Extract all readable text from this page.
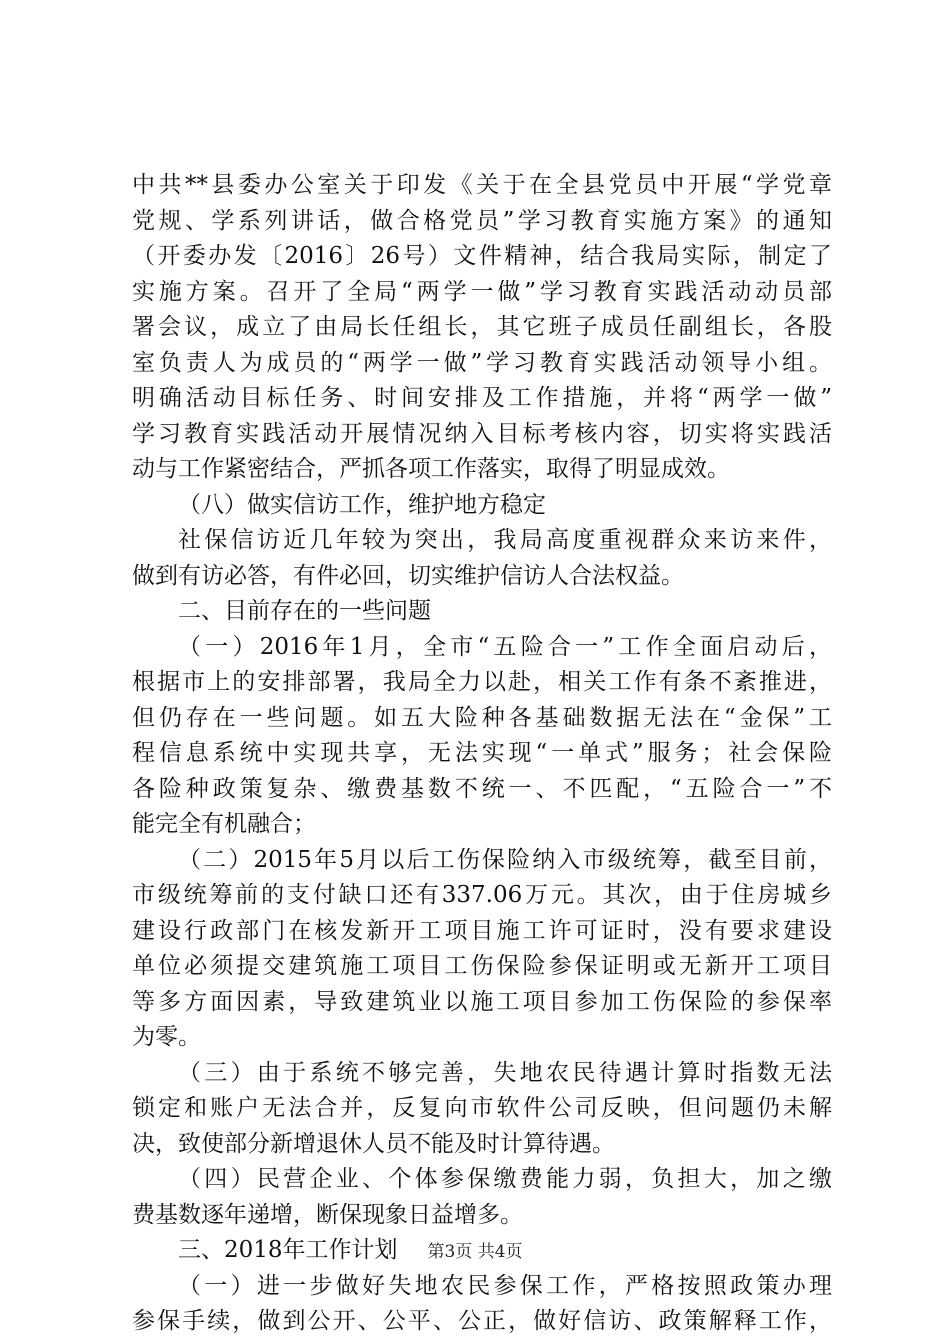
中共**县委办公室关于印发《关于在全县党员中开展“学党章
党规、学系列讲话，做合格党员”学习教育实施方案》的通知
（开委办发〔2016〕26号）文件精神，结合我局实际，制定了
实施方案。召开了全局“两学一做”学习教育实践活动动员部
署会议，成立了由局长任组长，其它班子成员任副组长，各股
室负责人为成员的“两学一做”学习教育实践活动领导小组。
明确活动目标任务、时间安排及工作措施，并将“两学一做”
学习教育实践活动开展情况纳入目标考核内容，切实将实践活
动与工作紧密结合，严抓各项工作落实，取得了明显成效。
（八）做实信访工作，维护地方稳定
社保信访近几年较为突出，我局高度重视群众来访来件，
做到有访必答，有件必回，切实维护信访人合法权益。
二、目前存在的一些问题
（一）2016年1月，全市“五险合一”工作全面启动后，
根据市上的安排部署，我局全力以赴，相关工作有条不紊推进，
但仍存在一些问题。如五大险种各基础数据无法在“金保”工
程信息系统中实现共享，无法实现“一单式”服务；社会保险
各险种政策复杂、缴费基数不统一、不匹配，“五险合一”不
能完全有机融合；
（二）2015年5月以后工伤保险纳入市级统筹，截至目前，
市级统筹前的支付缺口还有337.06万元。其次，由于住房城乡
建设行政部门在核发新开工项目施工许可证时，没有要求建设
单位必须提交建筑施工项目工伤保险参保证明或无新开工项目
等多方面因素，导致建筑业以施工项目参加工伤保险的参保率
为零。
（三）由于系统不够完善，失地农民待遇计算时指数无法
锁定和账户无法合并，反复向市软件公司反映，但问题仍未解
决，致使部分新增退休人员不能及时计算待遇。
（四）民营企业、个体参保缴费能力弱，负担大，加之缴
费基数逐年递增，断保现象日益增多。
三、2018年工作计划
（一）进一步做好失地农民参保工作，严格按照政策办理
参保手续，做到公开、公平、公正，做好信访、政策解释工作，
第3页 共4页
